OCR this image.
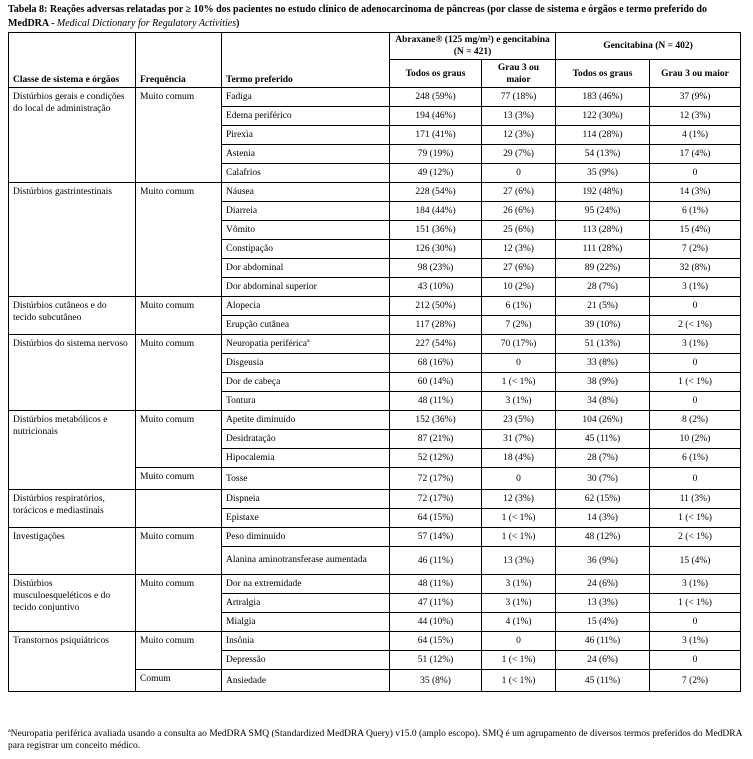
Tabela 8: Reações adversas relatadas por ≥ 10% dos pacientes no estudo clínico de adenocarcinoma de pâncreas (por classe de sistema e órgãos e termo preferido do MedDRA - Medical Dictionary for Regulatory Activities)
Classe de sistema e órgãos	Frequência	Termo preferido	Abraxane® (125 mg/m²) e gencitabina (N = 421)		Gencitabina (N = 402)	
			Todos os graus	Grau 3 ou maior	Todos os graus	Grau 3 ou maior
Distúrbios gerais e condições do local de administração	Muito comum	Fadiga	248 (59%)	77 (18%)	183 (46%)	37 (9%)
		Edema periférico	194 (46%)	13 (3%)	122 (30%)	12 (3%)
		Pirexia	171 (41%)	12 (3%)	114 (28%)	4 (1%)
		Astenia	79 (19%)	29 (7%)	54 (13%)	17 (4%)
		Calafrios	49 (12%)	0	35 (9%)	0
Distúrbios gastrintestinais	Muito comum	Náusea	228 (54%)	27 (6%)	192 (48%)	14 (3%)
		Diarreia	184 (44%)	26 (6%)	95 (24%)	6 (1%)
		Vômito	151 (36%)	25 (6%)	113 (28%)	15 (4%)
		Constipação	126 (30%)	12 (3%)	111 (28%)	7 (2%)
		Dor abdominal	98 (23%)	27 (6%)	89 (22%)	32 (8%)
		Dor abdominal superior	43 (10%)	10 (2%)	28 (7%)	3 (1%)
Distúrbios cutâneos e do tecido subcutâneo	Muito comum	Alopecia	212 (50%)	6 (1%)	21 (5%)	0
		Erupção cutânea	117 (28%)	7 (2%)	39 (10%)	2 (< 1%)
Distúrbios do sistema nervoso	Muito comum	Neuropatia periféricaª	227 (54%)	70 (17%)	51 (13%)	3 (1%)
		Disgeusia	68 (16%)	0	33 (8%)	0
		Dor de cabeça	60 (14%)	1 (< 1%)	38 (9%)	1 (< 1%)
		Tontura	48 (11%)	3 (1%)	34 (8%)	0
Distúrbios metabólicos e nutricionais	Muito comum	Apetite diminuído	152 (36%)	23 (5%)	104 (26%)	8 (2%)
		Desidratação	87 (21%)	31 (7%)	45 (11%)	10 (2%)
		Hipocalemia	52 (12%)	18 (4%)	28 (7%)	6 (1%)
	Muito comum	Tosse	72 (17%)	0	30 (7%)	0
Distúrbios respiratórios, torácicos e mediastinais		Dispneia	72 (17%)	12 (3%)	62 (15%)	11 (3%)
		Epistaxe	64 (15%)	1 (< 1%)	14 (3%)	1 (< 1%)
Investigações	Muito comum	Peso diminuído	57 (14%)	1 (< 1%)	48 (12%)	2 (< 1%)
		Alanina aminotransferase aumentada	46 (11%)	13 (3%)	36 (9%)	15 (4%)
Distúrbios musculoesqueléticos e do tecido conjuntivo	Muito comum	Dor na extremidade	48 (11%)	3 (1%)	24 (6%)	3 (1%)
		Artralgia	47 (11%)	3 (1%)	13 (3%)	1 (< 1%)
		Mialgia	44 (10%)	4 (1%)	15 (4%)	0
Transtornos psiquiátricos	Muito comum	Insônia	64 (15%)	0	46 (11%)	3 (1%)
		Depressão	51 (12%)	1 (< 1%)	24 (6%)	0
	Comum	Ansiedade	35 (8%)	1 (< 1%)	45 (11%)	7 (2%)
ªNeuropatia periférica avaliada usando a consulta ao MedDRA SMQ (Standardized MedDRA Query) v15.0 (amplo escopo). SMQ é um agrupamento de diversos termos preferidos do MedDRA para registrar um conceito médico.
